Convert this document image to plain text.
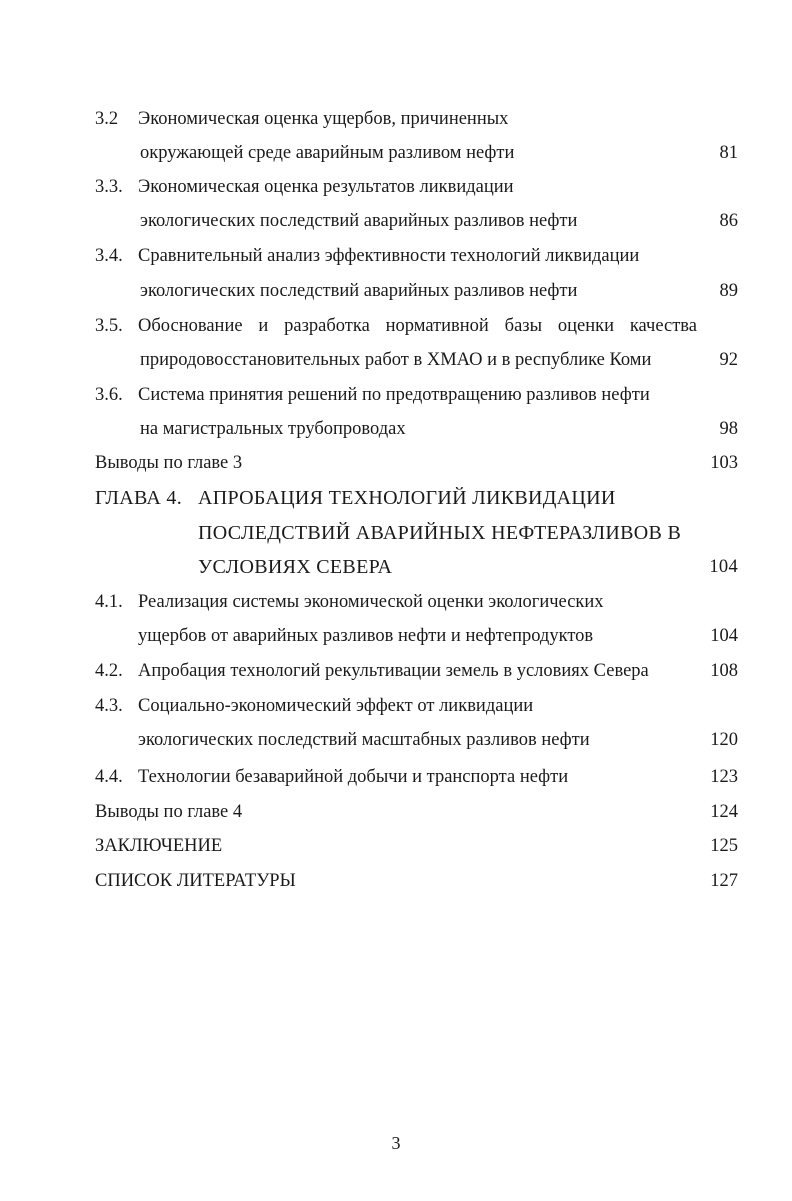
3.2 Экономическая оценка ущербов, причиненных
окружающей среде аварийным разливом нефти	81
3.3. Экономическая оценка результатов ликвидации
экологических последствий аварийных разливов нефти	86
3.4. Сравнительный анализ эффективности технологий ликвидации
экологических последствий аварийных разливов нефти	89
3.5. Обоснование и разработка нормативной базы оценки качества
природовосстановительных работ в ХМАО и в республике Коми	92
3.6. Система принятия решений по предотвращению разливов нефти
на магистральных трубопроводах	98
Выводы по главе 3	103
ГЛАВА 4. АПРОБАЦИЯ ТЕХНОЛОГИЙ ЛИКВИДАЦИИ
ПОСЛЕДСТВИЙ АВАРИЙНЫХ НЕФТЕРАЗЛИВОВ В
УСЛОВИЯХ СЕВЕРА	104
4.1. Реализация системы экономической оценки экологических
ущербов от аварийных разливов нефти и нефтепродуктов	104
4.2. Апробация технологий рекультивации земель в условиях Севера	108
4.3. Социально-экономический эффект от ликвидации
экологических последствий масштабных разливов нефти	120
4.4. Технологии безаварийной добычи и транспорта нефти	123
Выводы по главе 4	124
ЗАКЛЮЧЕНИЕ	125
СПИСОК ЛИТЕРАТУРЫ	127
3
